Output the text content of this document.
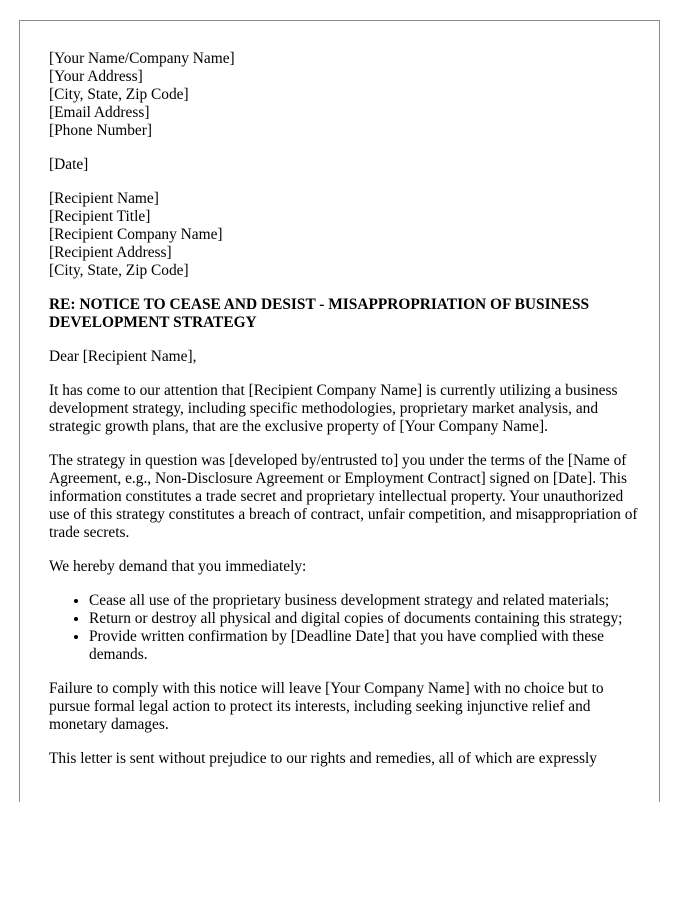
[Your Name/Company Name]
[Your Address]
[City, State, Zip Code]
[Email Address]
[Phone Number]
[Date]
[Recipient Name]
[Recipient Title]
[Recipient Company Name]
[Recipient Address]
[City, State, Zip Code]
RE: NOTICE TO CEASE AND DESIST - MISAPPROPRIATION OF BUSINESS DEVELOPMENT STRATEGY

Dear [Recipient Name],

It has come to our attention that [Recipient Company Name] is currently utilizing a business development strategy, including specific methodologies, proprietary market analysis, and strategic growth plans, that are the exclusive property of [Your Company Name].

The strategy in question was [developed by/entrusted to] you under the terms of the [Name of Agreement, e.g., Non-Disclosure Agreement or Employment Contract] signed on [Date]. This information constitutes a trade secret and proprietary intellectual property. Your unauthorized use of this strategy constitutes a breach of contract, unfair competition, and misappropriation of trade secrets.

We hereby demand that you immediately:

• Cease all use of the proprietary business development strategy and related materials;
• Return or destroy all physical and digital copies of documents containing this strategy;
• Provide written confirmation by [Deadline Date] that you have complied with these demands.

Failure to comply with this notice will leave [Your Company Name] with no choice but to pursue formal legal action to protect its interests, including seeking injunctive relief and monetary damages.

This letter is sent without prejudice to our rights and remedies, all of which are expressly
